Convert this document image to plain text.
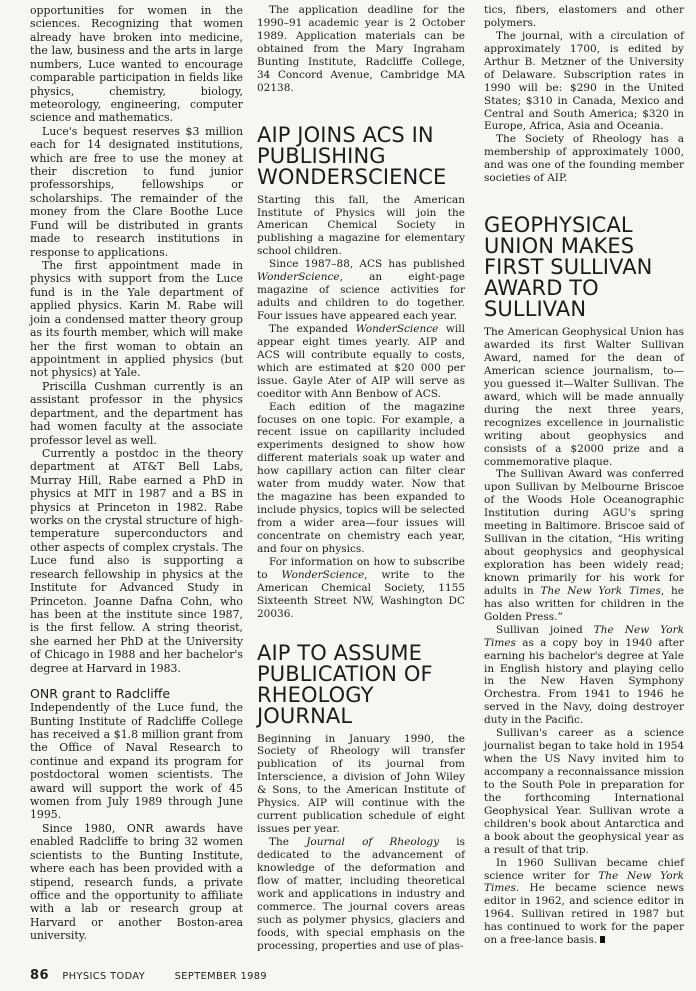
opportunities for women in the sciences. Recognizing that women already have broken into medicine, the law, business and the arts in large numbers, Luce wanted to encourage comparable participation in fields like physics, chemistry, biology, meteorology, engineering, computer science and mathematics.

Luce's bequest reserves $3 million each for 14 designated institutions, which are free to use the money at their discretion to fund junior professorships, fellowships or scholarships. The remainder of the money from the Clare Boothe Luce Fund will be distributed in grants made to research institutions in response to applications.

The first appointment made in physics with support from the Luce fund is in the Yale department of applied physics. Karin M. Rabe will join a condensed matter theory group as its fourth member, which will make her the first woman to obtain an appointment in applied physics (but not physics) at Yale.

Priscilla Cushman currently is an assistant professor in the physics department, and the department has had women faculty at the associate professor level as well.

Currently a postdoc in the theory department at AT&T Bell Labs, Murray Hill, Rabe earned a PhD in physics at MIT in 1987 and a BS in physics at Princeton in 1982. Rabe works on the crystal structure of high-temperature superconductors and other aspects of complex crystals. The Luce fund also is supporting a research fellowship in physics at the Institute for Advanced Study in Princeton. Joanne Dafna Cohn, who has been at the institute since 1987, is the first fellow. A string theorist, she earned her PhD at the University of Chicago in 1988 and her bachelor's degree at Harvard in 1983.

ONR grant to Radcliffe

Independently of the Luce fund, the Bunting Institute of Radcliffe College has received a $1.8 million grant from the Office of Naval Research to continue and expand its program for postdoctoral women scientists. The award will support the work of 45 women from July 1989 through June 1995.

Since 1980, ONR awards have enabled Radcliffe to bring 32 women scientists to the Bunting Institute, where each has been provided with a stipend, research funds, a private office and the opportunity to affiliate with a lab or research group at Harvard or another Boston-area university.

The application deadline for the 1990–91 academic year is 2 October 1989. Application materials can be obtained from the Mary Ingraham Bunting Institute, Radcliffe College, 34 Concord Avenue, Cambridge MA 02138.

AIP JOINS ACS IN PUBLISHING WONDERSCIENCE

Starting this fall, the American Institute of Physics will join the American Chemical Society in publishing a magazine for elementary school children.

Since 1987–88, ACS has published WonderScience, an eight-page magazine of science activities for adults and children to do together. Four issues have appeared each year.

The expanded WonderScience will appear eight times yearly. AIP and ACS will contribute equally to costs, which are estimated at $20 000 per issue. Gayle Ater of AIP will serve as coeditor with Ann Benbow of ACS.

Each edition of the magazine focuses on one topic. For example, a recent issue on capillarity included experiments designed to show how different materials soak up water and how capillary action can filter clear water from muddy water. Now that the magazine has been expanded to include physics, topics will be selected from a wider area—four issues will concentrate on chemistry each year, and four on physics.

For information on how to subscribe to WonderScience, write to the American Chemical Society, 1155 Sixteenth Street NW, Washington DC 20036.

AIP TO ASSUME PUBLICATION OF RHEOLOGY JOURNAL

Beginning in January 1990, the Society of Rheology will transfer publication of its journal from Interscience, a division of John Wiley & Sons, to the American Institute of Physics. AIP will continue with the current publication schedule of eight issues per year.

The Journal of Rheology is dedicated to the advancement of knowledge of the deformation and flow of matter, including theoretical work and applications in industry and commerce. The journal covers areas such as polymer physics, glaciers and foods, with special emphasis on the processing, properties and use of plas-

tics, fibers, elastomers and other polymers.

The journal, with a circulation of approximately 1700, is edited by Arthur B. Metzner of the University of Delaware. Subscription rates in 1990 will be: $290 in the United States; $310 in Canada, Mexico and Central and South America; $320 in Europe, Africa, Asia and Oceania.

The Society of Rheology has a membership of approximately 1000, and was one of the founding member societies of AIP.

GEOPHYSICAL UNION MAKES FIRST SULLIVAN AWARD TO SULLIVAN

The American Geophysical Union has awarded its first Walter Sullivan Award, named for the dean of American science journalism, to—you guessed it—Walter Sullivan. The award, which will be made annually during the next three years, recognizes excellence in journalistic writing about geophysics and consists of a $2000 prize and a commemorative plaque.

The Sullivan Award was conferred upon Sullivan by Melbourne Briscoe of the Woods Hole Oceanographic Institution during AGU's spring meeting in Baltimore. Briscoe said of Sullivan in the citation, “His writing about geophysics and geophysical exploration has been widely read; known primarily for his work for adults in The New York Times, he has also written for children in the Golden Press.”

Sullivan joined The New York Times as a copy boy in 1940 after earning his bachelor's degree at Yale in English history and playing cello in the New Haven Symphony Orchestra. From 1941 to 1946 he served in the Navy, doing destroyer duty in the Pacific.

Sullivan's career as a science journalist began to take hold in 1954 when the US Navy invited him to accompany a reconnaissance mission to the South Pole in preparation for the forthcoming International Geophysical Year. Sullivan wrote a children's book about Antarctica and a book about the geophysical year as a result of that trip.

In 1960 Sullivan became chief science writer for The New York Times. He became science news editor in 1962, and science editor in 1964. Sullivan retired in 1987 but has continued to work for the paper on a free-lance basis.

86 PHYSICS TODAY	SEPTEMBER 1989
